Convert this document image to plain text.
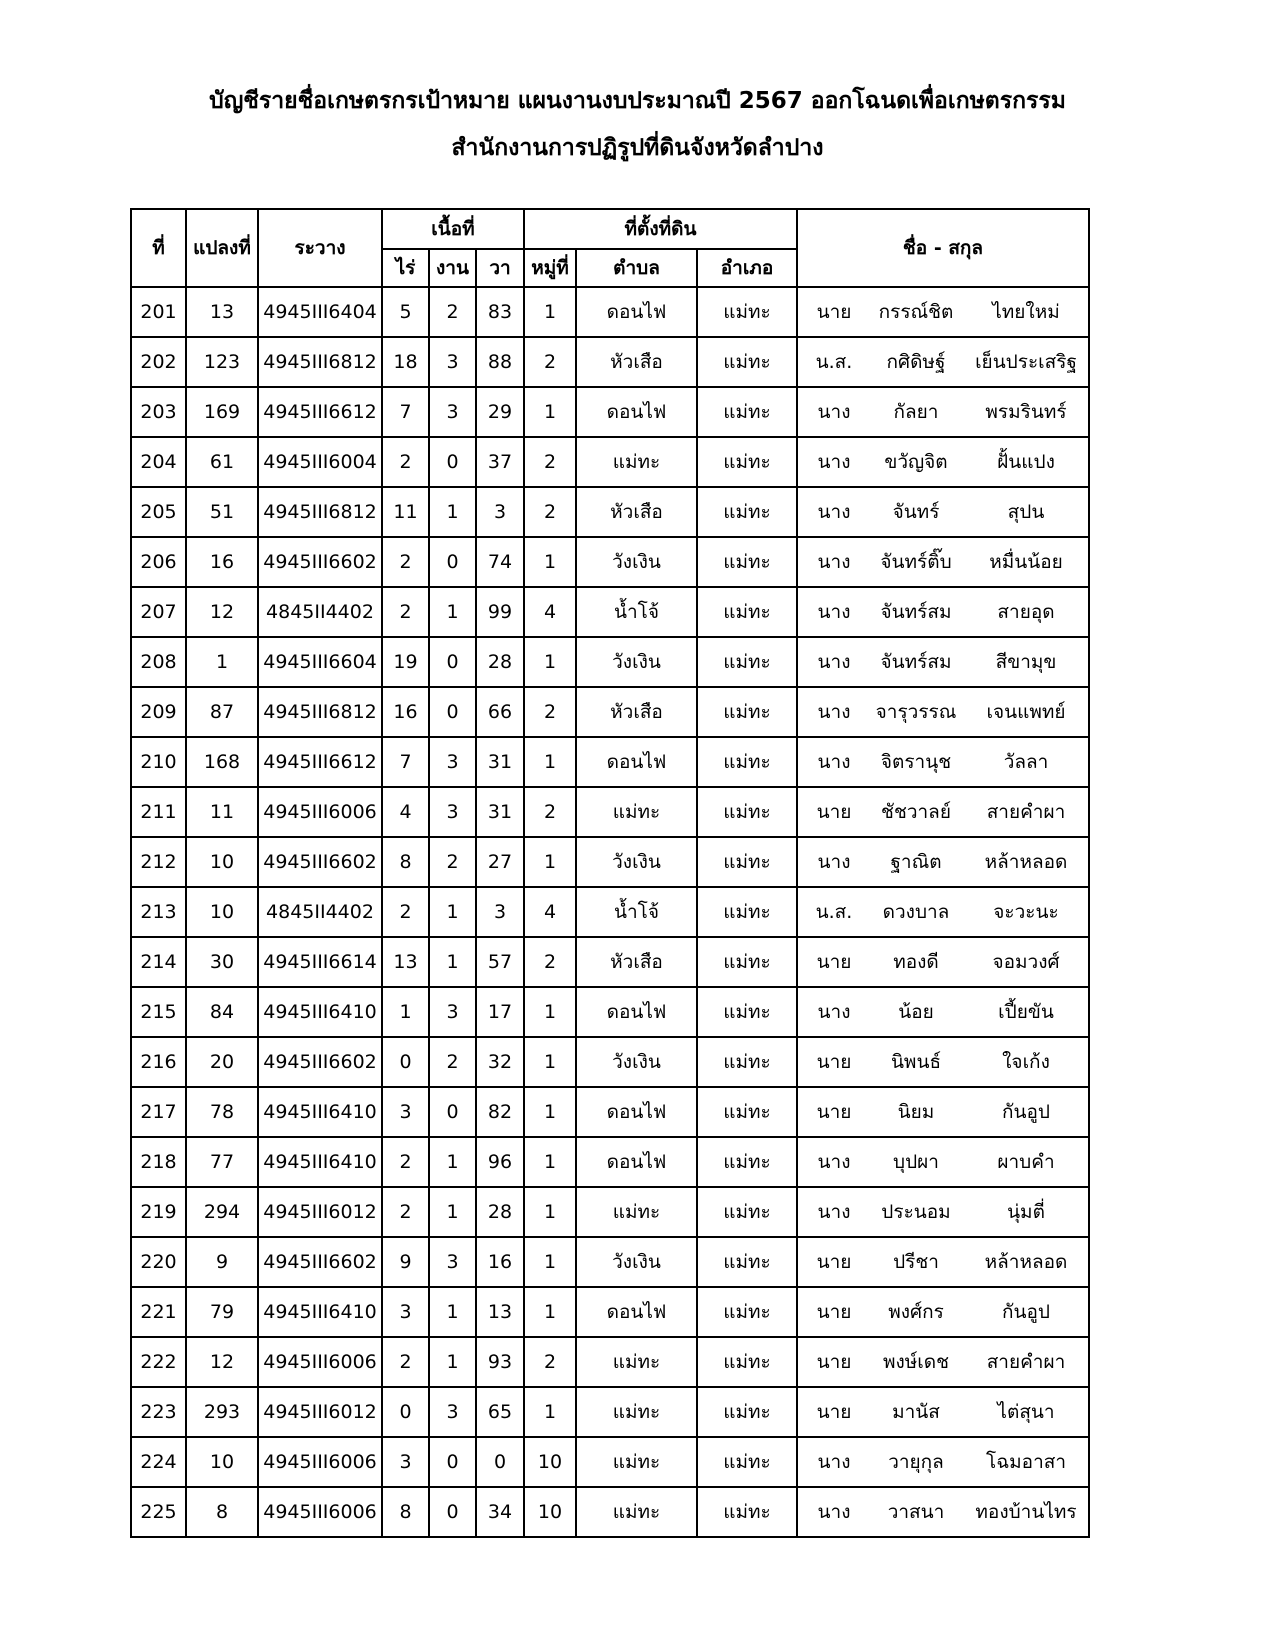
บัญชีรายชื่อเกษตรกรเป้าหมาย แผนงานงบประมาณปี 2567 ออกโฉนดเพื่อเกษตรกรรม
สำนักงานการปฏิรูปที่ดินจังหวัดลำปาง
ที่	แปลงที่	ระวาง	เนื้อที่			ที่ตั้งที่ดิน			ชื่อ - สกุล
			ไร่	งาน	วา	หมู่ที่	ตำบล	อำเภอ	
201	13	4945III6404	5	2	83	1	ดอนไฟ	แม่ทะ	นาย กรรณ์ชิต ไทยใหม่
202	123	4945III6812	18	3	88	2	หัวเสือ	แม่ทะ	น.ส. กศิดิษฐ์ เย็นประเสริฐ
203	169	4945III6612	7	3	29	1	ดอนไฟ	แม่ทะ	นาง กัลยา พรมรินทร์
204	61	4945III6004	2	0	37	2	แม่ทะ	แม่ทะ	นาง ขวัญจิต ฝั้นแปง
205	51	4945III6812	11	1	3	2	หัวเสือ	แม่ทะ	นาง จันทร์ สุปน
206	16	4945III6602	2	0	74	1	วังเงิน	แม่ทะ	นาง จันทร์ติ๊บ หมื่นน้อย
207	12	4845II4402	2	1	99	4	น้ำโจ้	แม่ทะ	นาง จันทร์สม สายอุด
208	1	4945III6604	19	0	28	1	วังเงิน	แม่ทะ	นาง จันทร์สม สีขามุข
209	87	4945III6812	16	0	66	2	หัวเสือ	แม่ทะ	นาง จารุวรรณ เจนแพทย์
210	168	4945III6612	7	3	31	1	ดอนไฟ	แม่ทะ	นาง จิตรานุช วัลลา
211	11	4945III6006	4	3	31	2	แม่ทะ	แม่ทะ	นาย ชัชวาลย์ สายคำผา
212	10	4945III6602	8	2	27	1	วังเงิน	แม่ทะ	นาง ฐาณิต หล้าหลอด
213	10	4845II4402	2	1	3	4	น้ำโจ้	แม่ทะ	น.ส. ดวงบาล จะวะนะ
214	30	4945III6614	13	1	57	2	หัวเสือ	แม่ทะ	นาย ทองดี จอมวงศ์
215	84	4945III6410	1	3	17	1	ดอนไฟ	แม่ทะ	นาง น้อย เปี้ยขัน
216	20	4945III6602	0	2	32	1	วังเงิน	แม่ทะ	นาย นิพนธ์ ใจเก้ง
217	78	4945III6410	3	0	82	1	ดอนไฟ	แม่ทะ	นาย นิยม กันอูป
218	77	4945III6410	2	1	96	1	ดอนไฟ	แม่ทะ	นาง บุปผา ผาบคำ
219	294	4945III6012	2	1	28	1	แม่ทะ	แม่ทะ	นาง ประนอม นุ่มตี่
220	9	4945III6602	9	3	16	1	วังเงิน	แม่ทะ	นาย ปรีชา หล้าหลอด
221	79	4945III6410	3	1	13	1	ดอนไฟ	แม่ทะ	นาย พงศ์กร กันอูป
222	12	4945III6006	2	1	93	2	แม่ทะ	แม่ทะ	นาย พงษ์เดช สายคำผา
223	293	4945III6012	0	3	65	1	แม่ทะ	แม่ทะ	นาย มานัส ไต่สุนา
224	10	4945III6006	3	0	0	10	แม่ทะ	แม่ทะ	นาง วายุกุล โฉมอาสา
225	8	4945III6006	8	0	34	10	แม่ทะ	แม่ทะ	นาง วาสนา ทองบ้านไทร
